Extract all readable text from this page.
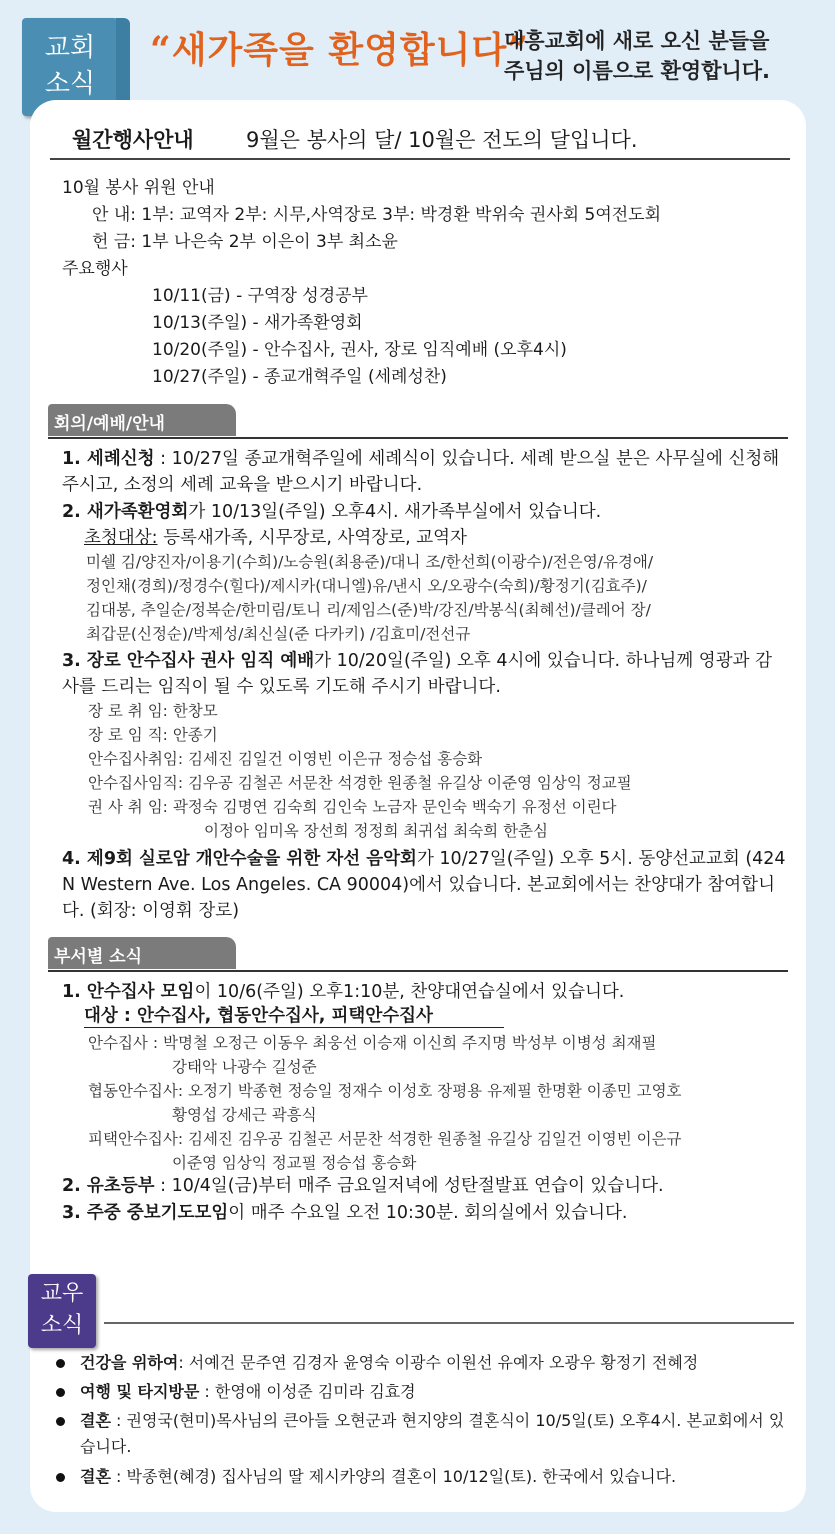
교회
소식
“새가족을 환영합니다”
대흥교회에 새로 오신 분들을
주님의 이름으로 환영합니다.
월간행사안내	9월은 봉사의 달/ 10월은 전도의 달입니다.
10월 봉사 위원 안내
안 내: 1부: 교역자 2부: 시무,사역장로 3부: 박경환 박위숙 권사회 5여전도회
헌 금: 1부 나은숙 2부 이은이 3부 최소윤
주요행사
10/11(금) - 구역장 성경공부
10/13(주일) - 새가족환영회
10/20(주일) - 안수집사, 권사, 장로 임직예배 (오후4시)
10/27(주일) - 종교개혁주일 (세례성찬)
회의/예배/안내
1. 세례신청 : 10/27일 종교개혁주일에 세례식이 있습니다. 세례 받으실 분은 사무실에 신청해 주시고, 소정의 세례 교육을 받으시기 바랍니다.
2. 새가족환영회가 10/13일(주일) 오후4시. 새가족부실에서 있습니다.
초청대상: 등록새가족, 시무장로, 사역장로, 교역자
미쉘 김/양진자/이용기(수희)/노승원(최용준)/대니 조/한선희(이광수)/전은영/유경애/
정인채(경희)/정경수(힐다)/제시카(대니엘)유/낸시 오/오광수(숙희)/황정기(김효주)/
김대봉, 추일순/정복순/한미림/토니 리/제임스(준)박/강진/박봉식(최혜선)/클레어 장/
최갑문(신정순)/박제성/최신실(준 다카키) /김효미/전선규
3. 장로 안수집사 권사 임직 예배가 10/20일(주일) 오후 4시에 있습니다. 하나님께 영광과 감사를 드리는 임직이 될 수 있도록 기도해 주시기 바랍니다.
장 로 취 임: 한창모
장 로 임 직: 안종기
안수집사취임: 김세진 김일건 이영빈 이은규 정승섭 홍승화
안수집사임직: 김우공 김철곤 서문찬 석경한 원종철 유길상 이준영 임상익 정교필
권 사 취 임: 곽정숙 김명연 김숙희 김인숙 노금자 문인숙 백숙기 유정선 이린다
이정아 임미옥 장선희 정정희 최귀섭 최숙희 한춘심
4. 제9회 실로암 개안수술을 위한 자선 음악회가 10/27일(주일) 오후 5시. 동양선교교회 (424 N Western Ave. Los Angeles. CA 90004)에서 있습니다. 본교회에서는 찬양대가 참여합니다. (회장: 이영휘 장로)
부서별 소식
1. 안수집사 모임이 10/6(주일) 오후1:10분, 찬양대연습실에서 있습니다.
대상 : 안수집사, 협동안수집사, 피택안수집사
안수집사 : 박명철 오정근 이동우 최웅선 이승재 이신희 주지명 박성부 이병성 최재필
강태악 나광수 길성준
협동안수집사: 오정기 박종현 정승일 정재수 이성호 장평용 유제필 한명환 이종민 고영호
황영섭 강세근 곽흥식
피택안수집사: 김세진 김우공 김철곤 서문찬 석경한 원종철 유길상 김일건 이영빈 이은규
이준영 임상익 정교필 정승섭 홍승화
2. 유초등부 : 10/4일(금)부터 매주 금요일저녁에 성탄절발표 연습이 있습니다.
3. 주중 중보기도모임이 매주 수요일 오전 10:30분. 회의실에서 있습니다.
교우
소식
건강을 위하여: 서예건 문주연 김경자 윤영숙 이광수 이원선 유예자 오광우 황정기 전혜정
여행 및 타지방문 : 한영애 이성준 김미라 김효경
결혼 : 권영국(현미)목사님의 큰아들 오현군과 현지양의 결혼식이 10/5일(토) 오후4시. 본교회에서 있습니다.
결혼 : 박종현(혜경) 집사님의 딸 제시카양의 결혼이 10/12일(토). 한국에서 있습니다.
